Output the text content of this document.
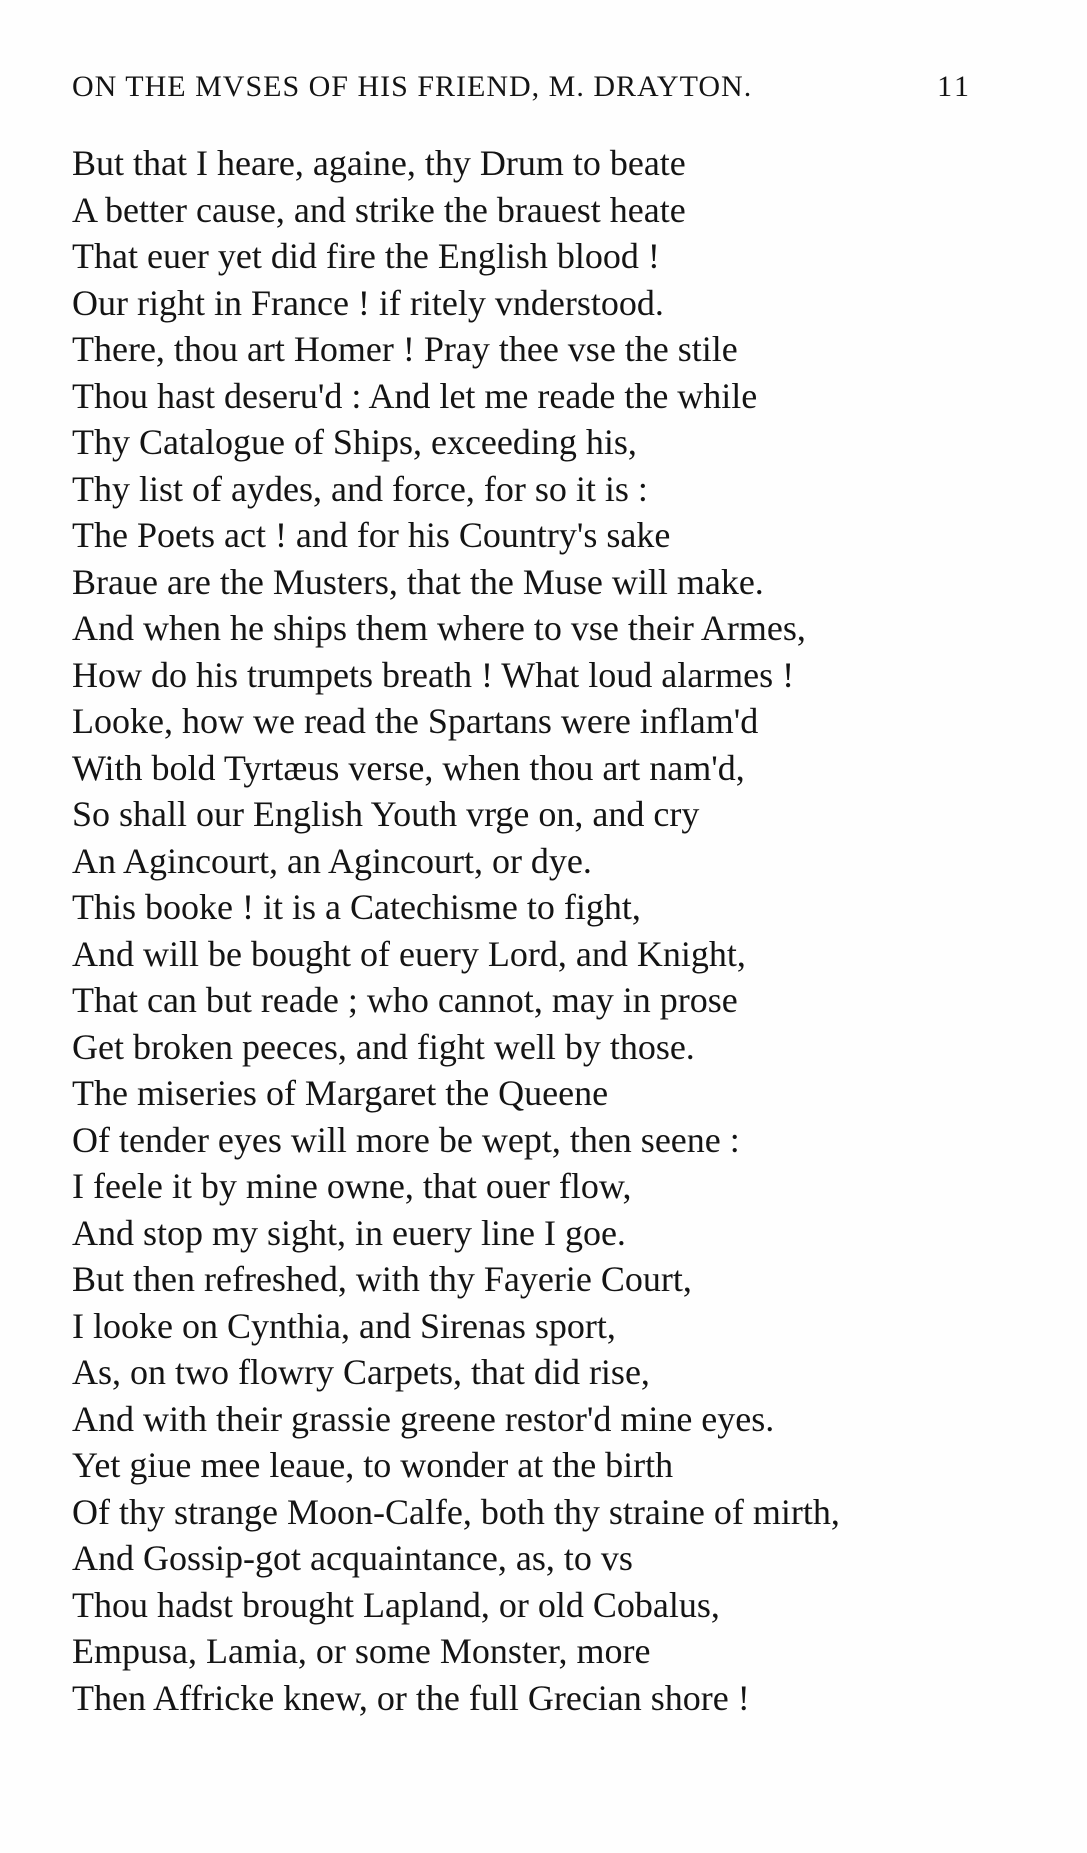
ON THE MVSES OF HIS FRIEND, M. DRAYTON.	11
But that I heare, againe, thy Drum to beate
A better cause, and strike the brauest heate
That euer yet did fire the English blood !
Our right in France ! if ritely vnderstood.
There, thou art Homer ! Pray thee vse the stile
Thou hast deseru'd : And let me reade the while
Thy Catalogue of Ships, exceeding his,
Thy list of aydes, and force, for so it is :
The Poets act ! and for his Country's sake
Braue are the Musters, that the Muse will make.
And when he ships them where to vse their Armes,
How do his trumpets breath ! What loud alarmes !
Looke, how we read the Spartans were inflam'd
With bold Tyrtæus verse, when thou art nam'd,
So shall our English Youth vrge on, and cry
An Agincourt, an Agincourt, or dye.
This booke ! it is a Catechisme to fight,
And will be bought of euery Lord, and Knight,
That can but reade ; who cannot, may in prose
Get broken peeces, and fight well by those.
The miseries of Margaret the Queene
Of tender eyes will more be wept, then seene :
I feele it by mine owne, that ouer flow,
And stop my sight, in euery line I goe.
But then refreshed, with thy Fayerie Court,
I looke on Cynthia, and Sirenas sport,
As, on two flowry Carpets, that did rise,
And with their grassie greene restor'd mine eyes.
Yet giue mee leaue, to wonder at the birth
Of thy strange Moon-Calfe, both thy straine of mirth,
And Gossip-got acquaintance, as, to vs
Thou hadst brought Lapland, or old Cobalus,
Empusa, Lamia, or some Monster, more
Then Affricke knew, or the full Grecian shore !
